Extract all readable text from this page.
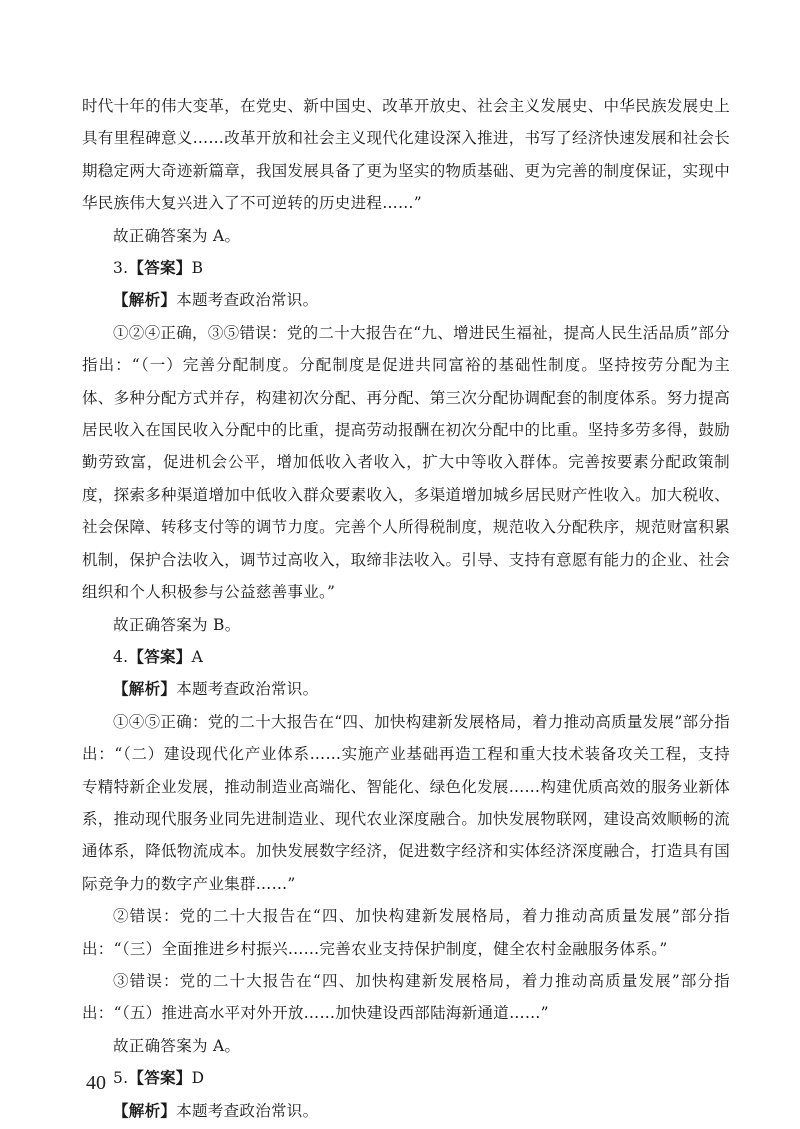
时代十年的伟大变革，在党史、新中国史、改革开放史、社会主义发展史、中华民族发展史上具有里程碑意义……改革开放和社会主义现代化建设深入推进，书写了经济快速发展和社会长期稳定两大奇迹新篇章，我国发展具备了更为坚实的物质基础、更为完善的制度保证，实现中华民族伟大复兴进入了不可逆转的历史进程……”

故正确答案为 A。

3.【答案】B

【解析】本题考查政治常识。

①②④正确，③⑤错误：党的二十大报告在“九、增进民生福祉，提高人民生活品质”部分指出：“（一）完善分配制度。分配制度是促进共同富裕的基础性制度。坚持按劳分配为主体、多种分配方式并存，构建初次分配、再分配、第三次分配协调配套的制度体系。努力提高居民收入在国民收入分配中的比重，提高劳动报酬在初次分配中的比重。坚持多劳多得，鼓励勤劳致富，促进机会公平，增加低收入者收入，扩大中等收入群体。完善按要素分配政策制度，探索多种渠道增加中低收入群众要素收入，多渠道增加城乡居民财产性收入。加大税收、社会保障、转移支付等的调节力度。完善个人所得税制度，规范收入分配秩序，规范财富积累机制，保护合法收入，调节过高收入，取缔非法收入。引导、支持有意愿有能力的企业、社会组织和个人积极参与公益慈善事业。”

故正确答案为 B。

4.【答案】A

【解析】本题考查政治常识。

①④⑤正确：党的二十大报告在“四、加快构建新发展格局，着力推动高质量发展”部分指出：“（二）建设现代化产业体系……实施产业基础再造工程和重大技术装备攻关工程，支持专精特新企业发展，推动制造业高端化、智能化、绿色化发展……构建优质高效的服务业新体系，推动现代服务业同先进制造业、现代农业深度融合。加快发展物联网，建设高效顺畅的流通体系，降低物流成本。加快发展数字经济，促进数字经济和实体经济深度融合，打造具有国际竞争力的数字产业集群……”

②错误：党的二十大报告在“四、加快构建新发展格局，着力推动高质量发展”部分指出：“（三）全面推进乡村振兴……完善农业支持保护制度，健全农村金融服务体系。”

③错误：党的二十大报告在“四、加快构建新发展格局，着力推动高质量发展”部分指出：“（五）推进高水平对外开放……加快建设西部陆海新通道……”

故正确答案为 A。

5.【答案】D

【解析】本题考查政治常识。

40
